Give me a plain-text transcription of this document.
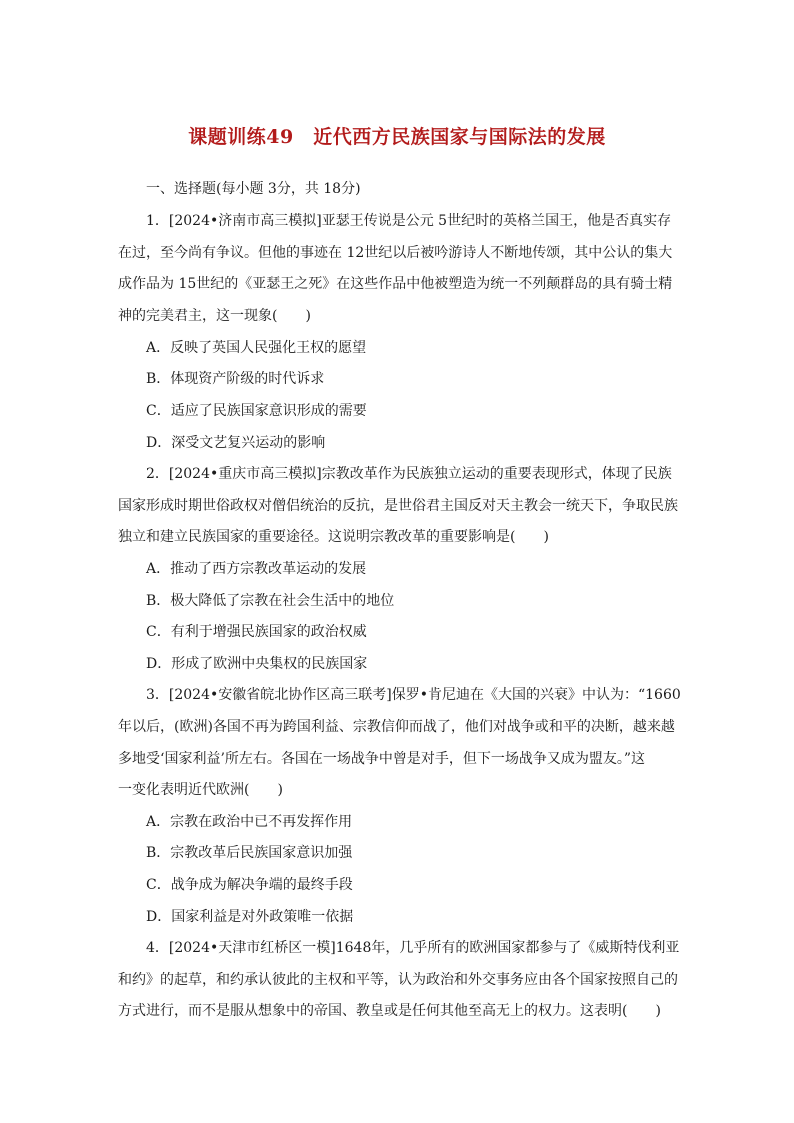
课题训练49　近代西方民族国家与国际法的发展
一、选择题(每小题 3分，共 18分)
1．[2024•济南市高三模拟]亚瑟王传说是公元 5世纪时的英格兰国王，他是否真实存
在过，至今尚有争议。但他的事迹在 12世纪以后被吟游诗人不断地传颂，其中公认的集大
成作品为 15世纪的《亚瑟王之死》在这些作品中他被塑造为统一不列颠群岛的具有骑士精
神的完美君主，这一现象(　　)
A．反映了英国人民强化王权的愿望
B．体现资产阶级的时代诉求
C．适应了民族国家意识形成的需要
D．深受文艺复兴运动的影响
2．[2024•重庆市高三模拟]宗教改革作为民族独立运动的重要表现形式，体现了民族
国家形成时期世俗政权对僧侣统治的反抗，是世俗君主国反对天主教会一统天下，争取民族
独立和建立民族国家的重要途径。这说明宗教改革的重要影响是(　　)
A．推动了西方宗教改革运动的发展
B．极大降低了宗教在社会生活中的地位
C．有利于增强民族国家的政治权威
D．形成了欧洲中央集权的民族国家
3．[2024•安徽省皖北协作区高三联考]保罗•肯尼迪在《大国的兴衰》中认为：“1660
年以后，(欧洲)各国不再为跨国利益、宗教信仰而战了，他们对战争或和平的决断，越来越
多地受‘国家利益’所左右。各国在一场战争中曾是对手，但下一场战争又成为盟友。”这
一变化表明近代欧洲(　　)
A．宗教在政治中已不再发挥作用
B．宗教改革后民族国家意识加强
C．战争成为解决争端的最终手段
D．国家利益是对外政策唯一依据
4．[2024•天津市红桥区一模]1648年，几乎所有的欧洲国家都参与了《威斯特伐利亚
和约》的起草，和约承认彼此的主权和平等，认为政治和外交事务应由各个国家按照自己的
方式进行，而不是服从想象中的帝国、教皇或是任何其他至高无上的权力。这表明(　　)
